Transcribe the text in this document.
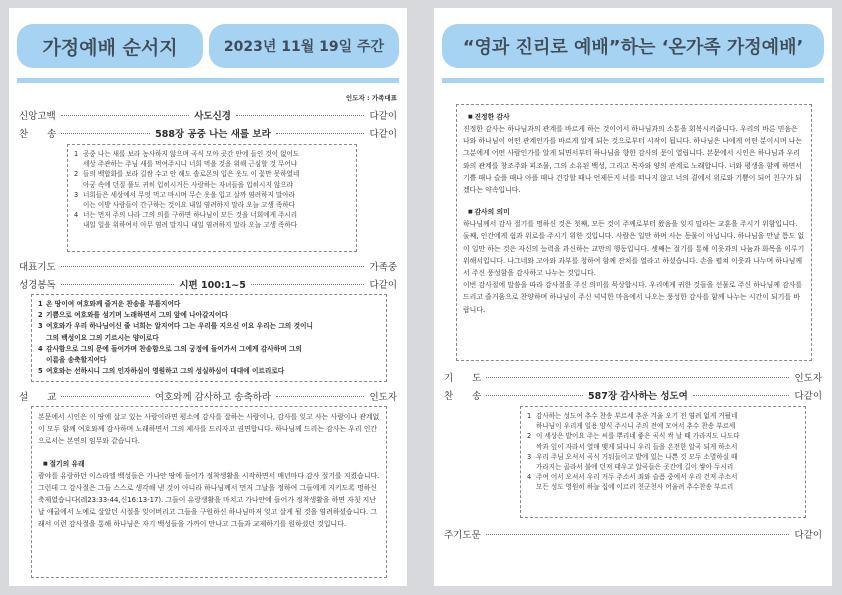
가정예배 순서지	2023년 11월 19일 주간
인도자 : 가족대표
신앙고백	사도신경	다같이
찬　　송	588장 공중 나는 새를 보라	다같이
1 공중 나는 새를 보라 농사하지 않으며 곡식 모아 곳간 안에 들인 것이 없어도
세상 주관하는 주님 새를 먹여주시니 너희 먹을 것을 위해 근심할 것 무어냐
2 들의 백합화를 보라 길쌈 수고 안 해도 솔로몬의 입은 옷도 이 꽃만 못하였네
아궁 속에 던질 풀도 귀히 입히시거든 사랑하는 자녀들을 입히시지 않으랴
3 너희들은 세상에서 무엇 먹고 마시며 무슨 옷을 입고 살까 염려하지 말아라
이는 이방 사람들이 간구하는 것이요 내일 염려하지 말라 오늘 고생 족하다
4 너는 먼저 주의 나라 그의 의를 구하면 하나님이 모든 것을 너희에게 주시리
내일 일을 위하여서 아무 염려 말지니 내일 염려하지 말라 오늘 고생 족하다
대표기도	가족중
성경봉독	시편 100:1~5	다같이
1 온 땅이여 여호와께 즐거운 찬송을 부를지어다
2 기쁨으로 여호와를 섬기며 노래하면서 그의 앞에 나아갈지어다
3 여호와가 우리 하나님이신 줄 너희는 알지어다 그는 우리를 지으신 이요 우리는 그의 것이니
그의 백성이요 그의 기르시는 양이로다
4 감사함으로 그의 문에 들어가며 찬송함으로 그의 궁정에 들어가서 그에게 감사하며 그의
이름을 송축할지어다
5 여호와는 선하시니 그의 인자하심이 영원하고 그의 성실하심이 대대에 이르리로다
설　　교	여호와께 감사하고 송축하라	인도자

본문에서 시인은 이 땅에 살고 있는 사람이라면 평소에 감사를 잘하는 사람이나, 감사를 잊고 사는 사람이나 관계없이 모두 함께 여호와께 감사하며 노래하면서 그의 제사를 드리자고 권면합니다. 하나님께 드리는 감사는 우리 인간으로서는 본연의 임무와 같습니다.

■ 절기의 유래

광야를 유랑하던 이스라엘 백성들은 가나안 땅에 들어가 정착생활을 시작하면서 매년마다 감사 절기를 지켰습니다. 그런데 그 감사절은 그들 스스로 생각해 낸 것이 아니라 하나님께서 먼저 그날을 정하여 그들에게 지키도록 명하신 축제였습니다(레23:33-44,신16:13-17). 그들이 유랑생활을 마치고 가나안에 들어가 정착생활을 하면 자칫 지난날 애굽에서 노예로 살았던 시절을 잊어버리고 그들을 구원하신 하나님마저 잊고 살게 될 것을 염려하셨습니다. 그래서 이런 감사절을 통해 하나님은 자기 백성들을 가까이 만나고 그들과 교제하기를 원하셨던 것입니다.

“영과 진리로 예배”하는 ‘온가족 가정예배’
■ 진정한 감사

진정한 감사는 하나님과의 관계를 바르게 하는 것이어서 하나님과의 소통을 회복시켜줍니다. 우리의 바른 믿음은 나와 하나님이 어떤 관계인가를 바르게 알게 되는 것으로부터 시작이 됩니다. 하나님은 나에게 어떤 분이시며 나는 그분에게 어떤 사람인가를 알게 되면서부터 하나님을 향한 감사의 문이 열립니다. 본문에서 시인은 하나님과 우리와의 관계를 창조주와 피조물, 그의 소유된 백성, 그리고 목자와 양의 관계로 노래합니다. 너와 평생을 함께 하면서 기쁠 때나 슬플 때나 아플 때나 건강할 때나 언제든지 너를 떠나지 않고 너의 곁에서 위로와 기쁨이 되어 친구가 되겠다는 약속입니다.

■ 감사의 의미

하나님께서 감사 절기를 명하신 것은 첫째, 모든 것이 주께로부터 왔음을 잊지 말라는 교훈을 주시기 위함입니다. 둘째, 인간에게 쉼과 위로를 주시기 위한 것입니다. 사람은 일만 하며 사는 동물이 아닙니다. 하나님을 만날 틈도 없이 일만 하는 것은 자신의 능력을 과신하는 교만의 행동입니다. 셋째는 절기를 통해 이웃과의 나눔과 화목을 이루기 위해서입니다. 나그네와 고아와 과부를 청하여 함께 잔치를 열라고 하셨습니다. 손을 펼쳐 이웃과 나누며 하나님께서 주신 풍성함을 감사하고 나누는 것입니다.

이번 감사절에 말씀을 따라 감사절을 주신 의미를 묵상합시다. 우리에게 귀한 것들을 선물로 주신 하나님께 감사를 드리고 즐거움으로 찬양하며 하나님이 주신 넉넉한 마음에서 나오는 풍성한 감사를 함께 나누는 시간이 되기를 바랍니다.

기　　도	인도자
찬　　송	587장 감사하는 성도여	다같이
1 감사하는 성도여 추수 찬송 부르세 추운 겨울 오기 전 염려 없게 거뒀네
하나님이 우리게 일용 양식 주시니 주의 전에 모여서 추수 찬송 부르세
2 이 세상은 밭이요 주는 씨를 뿌리네 좋은 곡식 싹 날 때 가라지도 나도다
싹과 잎이 자라서 열매 맺게 되나니 우리 들을 온전한 알곡 되게 하소서
3 우리 주님 오셔서 곡식 거둬들이고 밭에 있는 나쁜 것 모두 소멸하실 때
가라지는 골라서 불에 던져 태우고 알곡들은 곳간에 길이 쌓아 두시리
4 주여 어서 오셔서 우리 거두 주소서 죄와 슬픔 중에서 우리 건져 주소서
모든 성도 영원히 하늘 집에 이르러 천군천사 어울려 추수찬송 부르리
주기도문	다같이
